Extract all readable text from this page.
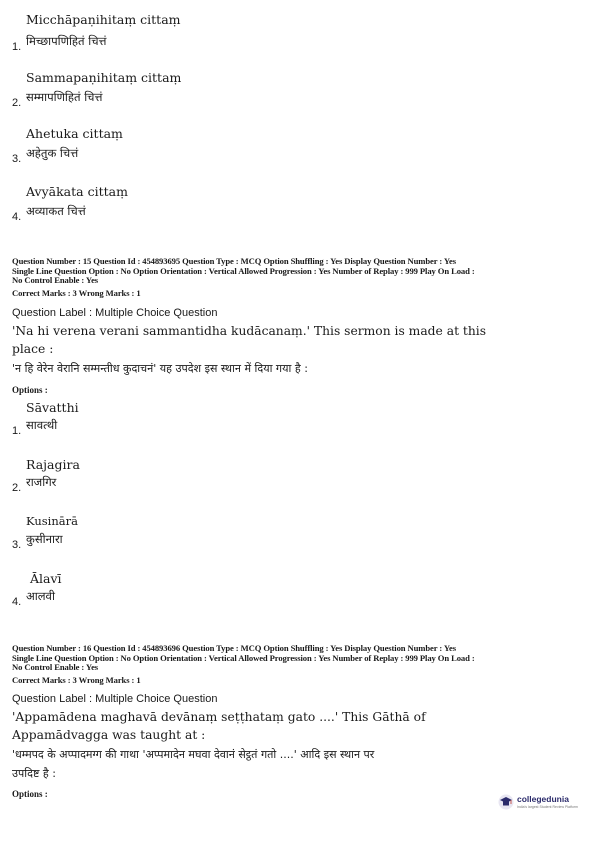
Micchāpaṇihitaṃ cittaṃ
1. मिच्छापणिहितं चित्तं
Sammapaṇihitaṃ cittaṃ
2. सम्मापणिहितं चित्तं
Ahetuka cittaṃ
3. अहेतुक चित्तं
Avyākata cittaṃ
4. अव्याकत चित्तं
Question Number : 15 Question Id : 454893695 Question Type : MCQ Option Shuffling : Yes Display Question Number : Yes
Single Line Question Option : No Option Orientation : Vertical Allowed Progression : Yes Number of Replay : 999 Play On Load :
No Control Enable : Yes
Correct Marks : 3 Wrong Marks : 1
Question Label : Multiple Choice Question
'Na hi verena verani sammantidha kudācanaṃ.' This sermon is made at this
place :
'न हि वेरेन वेरानि सम्मन्तीध कुदाचनं' यह उपदेश इस स्थान में दिया गया है :
Options :
Sāvatthi
1. सावत्थी
Rajagira
2. राजगिर
Kusinārā
3. कुसीनारा
Ālavī
4. आलवी
Question Number : 16 Question Id : 454893696 Question Type : MCQ Option Shuffling : Yes Display Question Number : Yes
Single Line Question Option : No Option Orientation : Vertical Allowed Progression : Yes Number of Replay : 999 Play On Load :
No Control Enable : Yes
Correct Marks : 3 Wrong Marks : 1
Question Label : Multiple Choice Question
'Appamādena maghavā devānaṃ seṭṭhataṃ gato ....' This Gāthā of
Appamādvagga was taught at :
'धम्मपद के अप्पादमग्ग की गाथा 'अप्पमादेन मघवा देवानं सेट्ठतं गतो ....' आदि इस स्थान पर
उपदिष्ट है :
Options :	collegedunia
India's largest Student Review Platform
